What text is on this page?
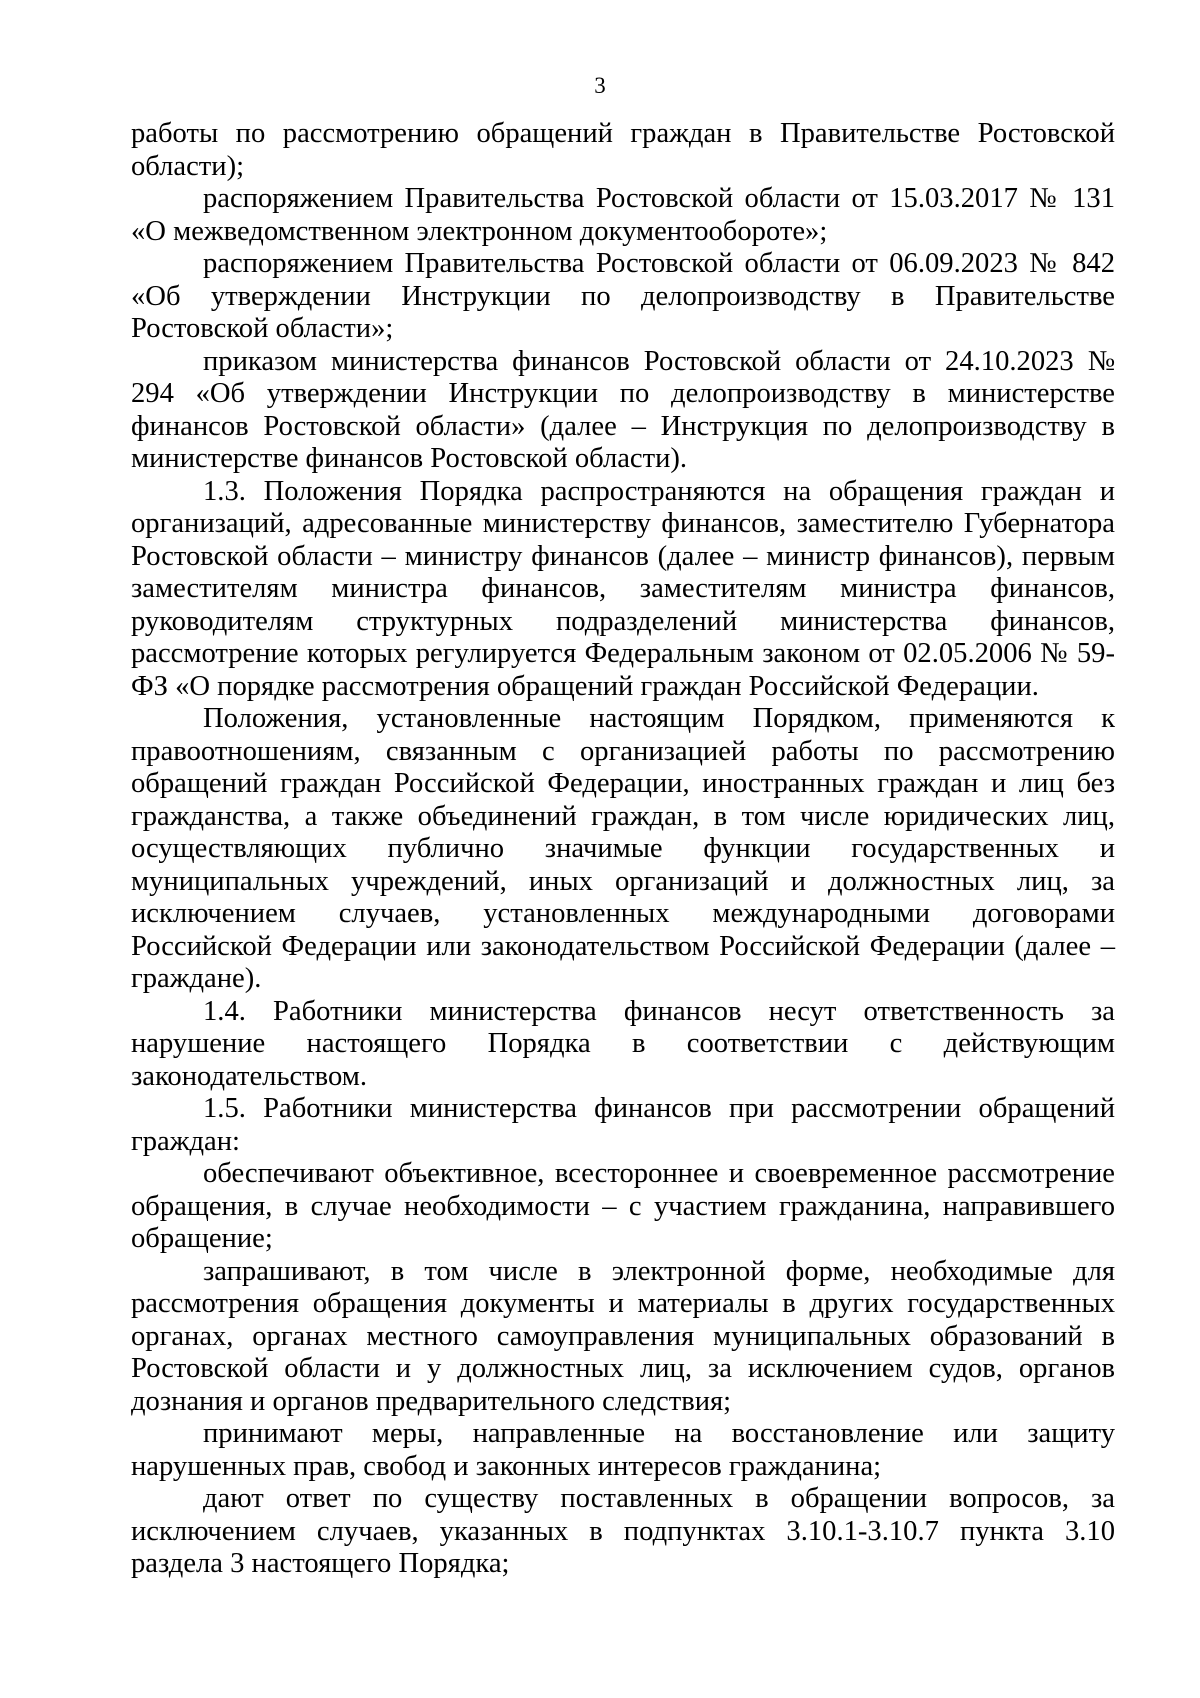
3

работы по рассмотрению обращений граждан в Правительстве Ростовской области);

распоряжением Правительства Ростовской области от 15.03.2017 № 131 «О межведомственном электронном документообороте»;

распоряжением Правительства Ростовской области от 06.09.2023 № 842 «Об утверждении Инструкции по делопроизводству в Правительстве Ростовской области»;

приказом министерства финансов Ростовской области от 24.10.2023 № 294 «Об утверждении Инструкции по делопроизводству в министерстве финансов Ростовской области» (далее – Инструкция по делопроизводству в министерстве финансов Ростовской области).

1.3. Положения Порядка распространяются на обращения граждан и организаций, адресованные министерству финансов, заместителю Губернатора Ростовской области – министру финансов (далее – министр финансов), первым заместителям министра финансов, заместителям министра финансов, руководителям структурных подразделений министерства финансов, рассмотрение которых регулируется Федеральным законом от 02.05.2006 № 59-ФЗ «О порядке рассмотрения обращений граждан Российской Федерации.

Положения, установленные настоящим Порядком, применяются к правоотношениям, связанным с организацией работы по рассмотрению обращений граждан Российской Федерации, иностранных граждан и лиц без гражданства, а также объединений граждан, в том числе юридических лиц, осуществляющих публично значимые функции государственных и муниципальных учреждений, иных организаций и должностных лиц, за исключением случаев, установленных международными договорами Российской Федерации или законодательством Российской Федерации (далее – граждане).

1.4. Работники министерства финансов несут ответственность за нарушение настоящего Порядка в соответствии с действующим законодательством.

1.5. Работники министерства финансов при рассмотрении обращений граждан:

обеспечивают объективное, всестороннее и своевременное рассмотрение обращения, в случае необходимости – с участием гражданина, направившего обращение;

запрашивают, в том числе в электронной форме, необходимые для рассмотрения обращения документы и материалы в других государственных органах, органах местного самоуправления муниципальных образований в Ростовской области и у должностных лиц, за исключением судов, органов дознания и органов предварительного следствия;

принимают меры, направленные на восстановление или защиту нарушенных прав, свобод и законных интересов гражданина;

дают ответ по существу поставленных в обращении вопросов, за исключением случаев, указанных в подпунктах 3.10.1-3.10.7 пункта 3.10 раздела 3 настоящего Порядка;
